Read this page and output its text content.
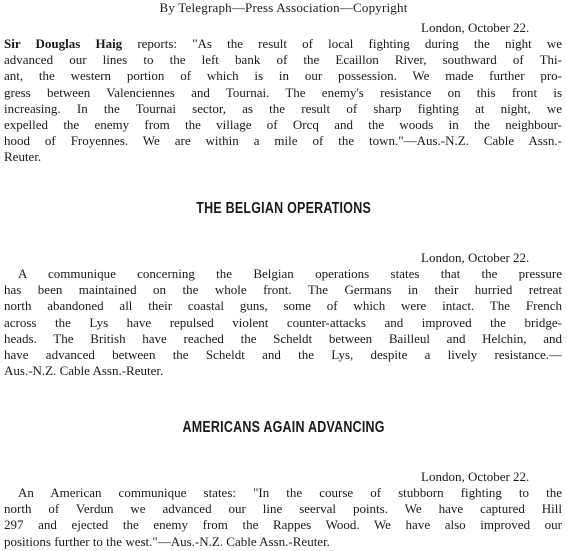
By Telegraph—Press Association—Copyright
London, October 22.
Sir Douglas Haig reports: "As the result of local fighting during the night we
advanced our lines to the left bank of the Ecaillon River, southward of Thi-
ant, the western portion of which is in our possession. We made further pro-
gress between Valenciennes and Tournai. The enemy's resistance on this front is
increasing. In the Tournai sector, as the result of sharp fighting at night, we
expelled the enemy from the village of Orcq and the woods in the neighbour-
hood of Froyennes. We are within a mile of the town."—Aus.-N.Z. Cable Assn.-
Reuter.
THE BELGIAN OPERATIONS
London, October 22.
A communique concerning the Belgian operations states that the pressure
has been maintained on the whole front. The Germans in their hurried retreat
north abandoned all their coastal guns, some of which were intact. The French
across the Lys have repulsed violent counter-attacks and improved the bridge-
heads. The British have reached the Scheldt between Bailleul and Helchin, and
have advanced between the Scheldt and the Lys, despite a lively resistance.—
Aus.-N.Z. Cable Assn.-Reuter.
AMERICANS AGAIN ADVANCING
London, October 22.
An American communique states: "In the course of stubborn fighting to the
north of Verdun we advanced our line seerval points. We have captured Hill
297 and ejected the enemy from the Rappes Wood. We have also improved our
positions further to the west."—Aus.-N.Z. Cable Assn.-Reuter.
